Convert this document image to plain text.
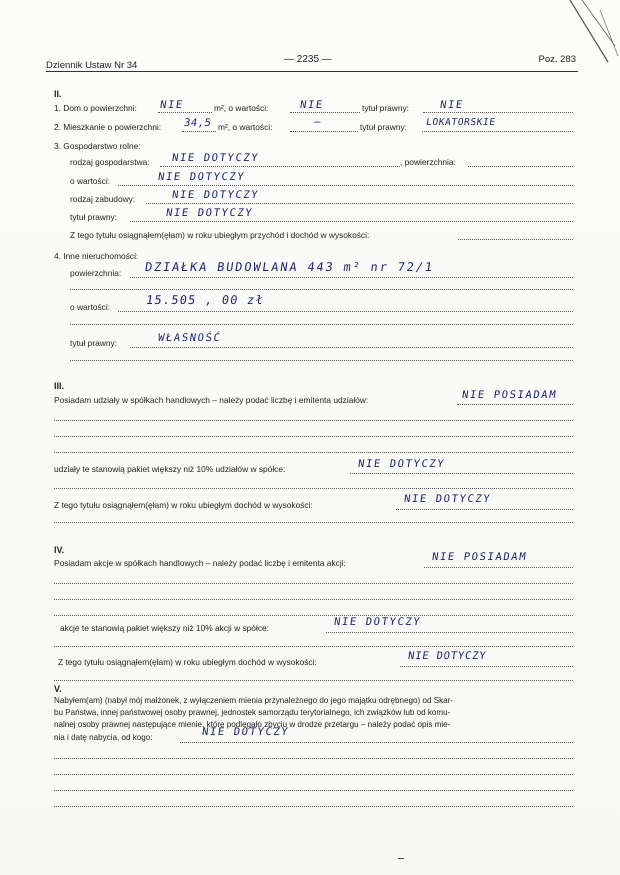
Dziennik Ustaw Nr 34
— 2235 —	Poz. 283
II.
1. Dom o powierzchni: NIE	m², o wartości:	NIE	tytuł prawny:	NIE
2. Mieszkanie o powierzchni: 34,5 m², o wartości:	—	tytuł prawny: LOKATORSKIE
3. Gospodarstwo rolne:
rodzaj gospodarstwa: NIE DOTYCZY	, powierzchnia:
o wartości:	NIE DOTYCZY
rodzaj zabudowy:	NIE DOTYCZY
tytuł prawny:	NIE DOTYCZY
Z tego tytułu osiągnąłem(ęłam) w roku ubiegłym przychód i dochód w wysokości:
4. Inne nieruchomości:
powierzchnia: DZIAŁKA BUDOWLANA 443 m² nr 72/1
o wartości:	15.505 , 00 zł
tytuł prawny:	WŁASNOŚĆ
III.
Posiadam udziały w spółkach handlowych – należy podać liczbę i emitenta udziałów:	NIE POSIADAM
udziały te stanowią pakiet większy niż 10% udziałów w spółce:	NIE DOTYCZY
Z tego tytułu osiągnąłem(ęłam) w roku ubiegłym dochód w wysokości:	NIE DOTYCZY
IV.
Posiadam akcje w spółkach handlowych – należy podać liczbę i emitenta akcji:	NIE POSIADAM
akcje te stanowią pakiet większy niż 10% akcji w spółce:	NIE DOTYCZY
Z tego tytułu osiągnąłem(ęłam) w roku ubiegłym dochód w wysokości:	NIE DOTYCZY
V.
Nabyłem(am) (nabył mój małżonek, z wyłączeniem mienia przynależnego do jego majątku odrębnego) od Skar-
bu Państwa, innej państwowej osoby prawnej, jednostek samorządu terytorialnego, ich związków lub od komu-
nalnej osoby prawnej następujące mienie, które podlegało zbyciu w drodze przetargu – należy podać opis mie-
nia i datę nabycia, od kogo:	NIE DOTYCZY
